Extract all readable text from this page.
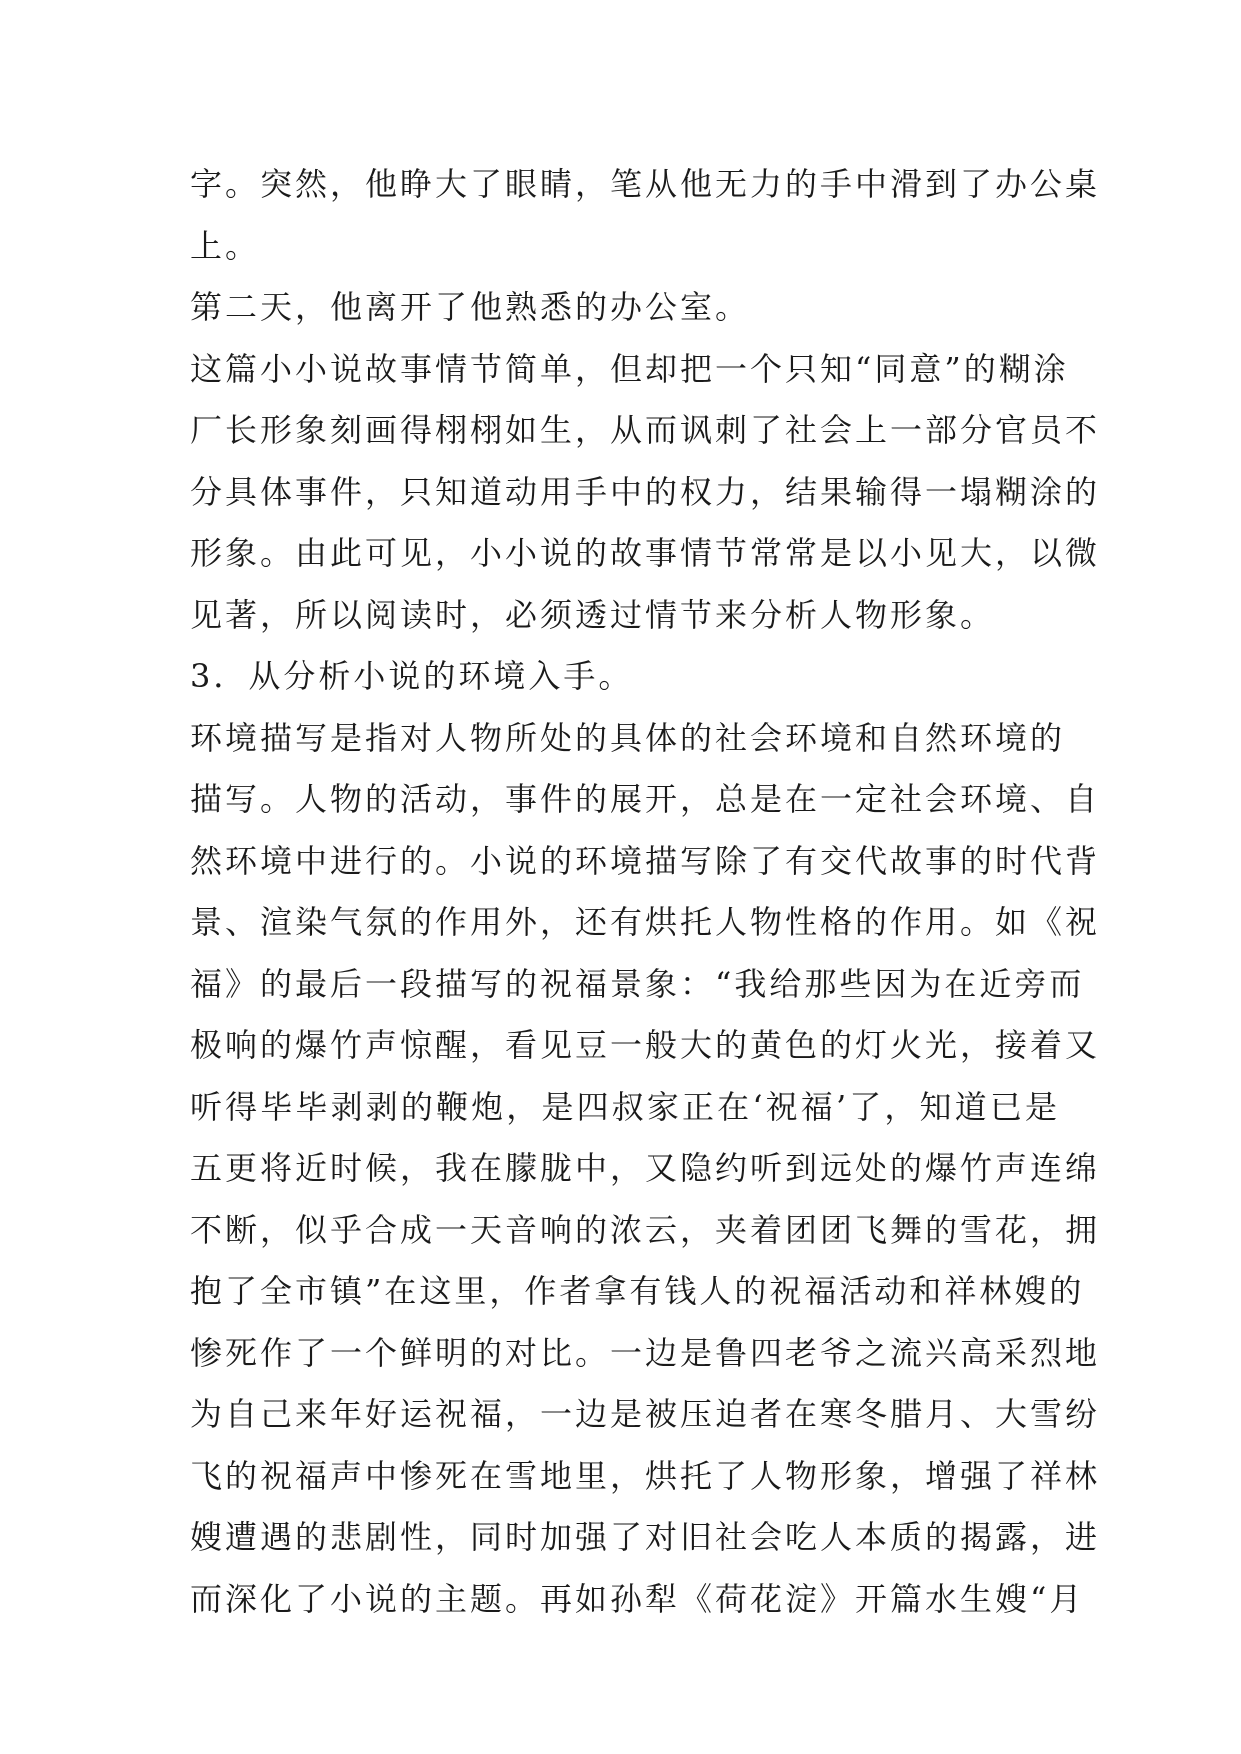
字。突然，他睁大了眼睛，笔从他无力的手中滑到了办公桌
上。
第二天，他离开了他熟悉的办公室。
这篇小小说故事情节简单，但却把一个只知“同意”的糊涂
厂长形象刻画得栩栩如生，从而讽刺了社会上一部分官员不
分具体事件，只知道动用手中的权力，结果输得一塌糊涂的
形象。由此可见，小小说的故事情节常常是以小见大，以微
见著，所以阅读时，必须透过情节来分析人物形象。
3．从分析小说的环境入手。
环境描写是指对人物所处的具体的社会环境和自然环境的
描写。人物的活动，事件的展开，总是在一定社会环境、自
然环境中进行的。小说的环境描写除了有交代故事的时代背
景、渲染气氛的作用外，还有烘托人物性格的作用。如《祝
福》的最后一段描写的祝福景象：“我给那些因为在近旁而
极响的爆竹声惊醒，看见豆一般大的黄色的灯火光，接着又
听得毕毕剥剥的鞭炮，是四叔家正在‘祝福’了，知道已是
五更将近时候，我在朦胧中，又隐约听到远处的爆竹声连绵
不断，似乎合成一天音响的浓云，夹着团团飞舞的雪花，拥
抱了全市镇”在这里，作者拿有钱人的祝福活动和祥林嫂的
惨死作了一个鲜明的对比。一边是鲁四老爷之流兴高采烈地
为自己来年好运祝福，一边是被压迫者在寒冬腊月、大雪纷
飞的祝福声中惨死在雪地里，烘托了人物形象，增强了祥林
嫂遭遇的悲剧性，同时加强了对旧社会吃人本质的揭露，进
而深化了小说的主题。再如孙犁《荷花淀》开篇水生嫂“月
